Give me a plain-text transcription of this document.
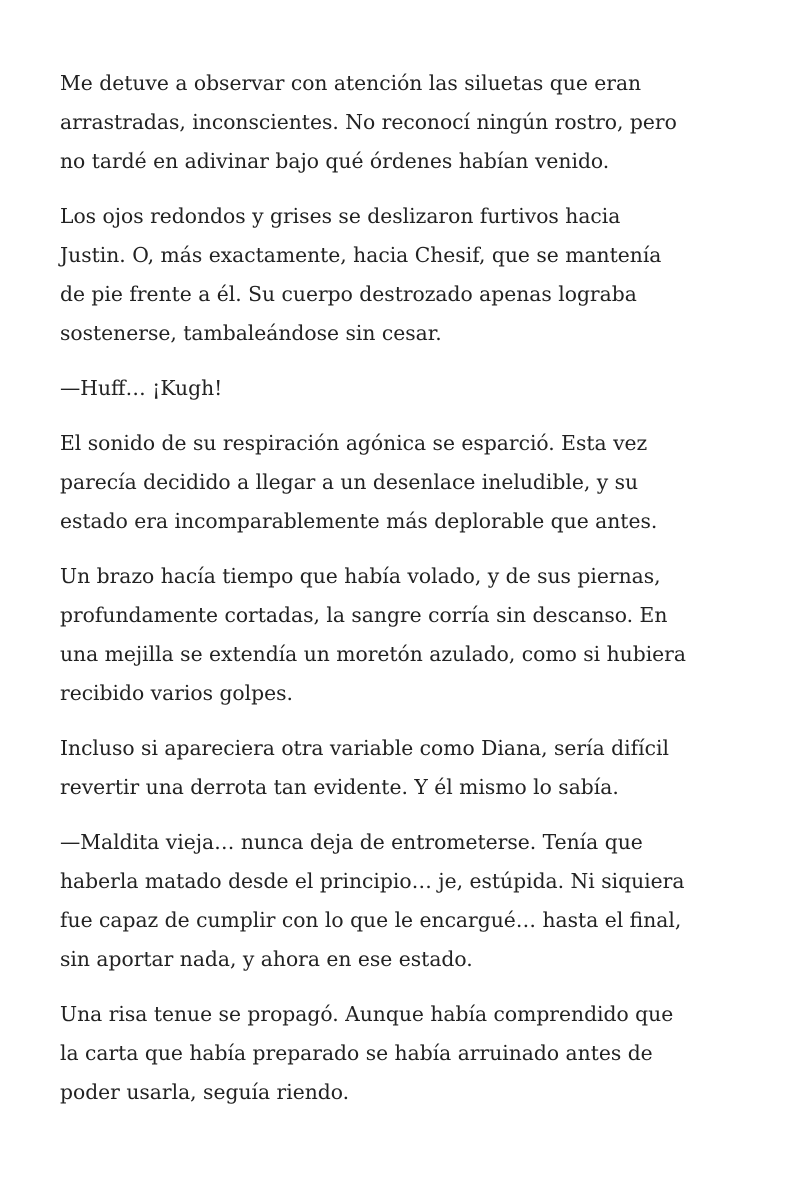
Me detuve a observar con atención las siluetas que eran
arrastradas, inconscientes. No reconocí ningún rostro, pero
no tardé en adivinar bajo qué órdenes habían venido.

Los ojos redondos y grises se deslizaron furtivos hacia
Justin. O, más exactamente, hacia Chesif, que se mantenía
de pie frente a él. Su cuerpo destrozado apenas lograba
sostenerse, tambaleándose sin cesar.

—Huff… ¡Kugh!

El sonido de su respiración agónica se esparció. Esta vez
parecía decidido a llegar a un desenlace ineludible, y su
estado era incomparablemente más deplorable que antes.

Un brazo hacía tiempo que había volado, y de sus piernas,
profundamente cortadas, la sangre corría sin descanso. En
una mejilla se extendía un moretón azulado, como si hubiera
recibido varios golpes.

Incluso si apareciera otra variable como Diana, sería difícil
revertir una derrota tan evidente. Y él mismo lo sabía.

—Maldita vieja… nunca deja de entrometerse. Tenía que
haberla matado desde el principio… je, estúpida. Ni siquiera
fue capaz de cumplir con lo que le encargué… hasta el final,
sin aportar nada, y ahora en ese estado.

Una risa tenue se propagó. Aunque había comprendido que
la carta que había preparado se había arruinado antes de
poder usarla, seguía riendo.
